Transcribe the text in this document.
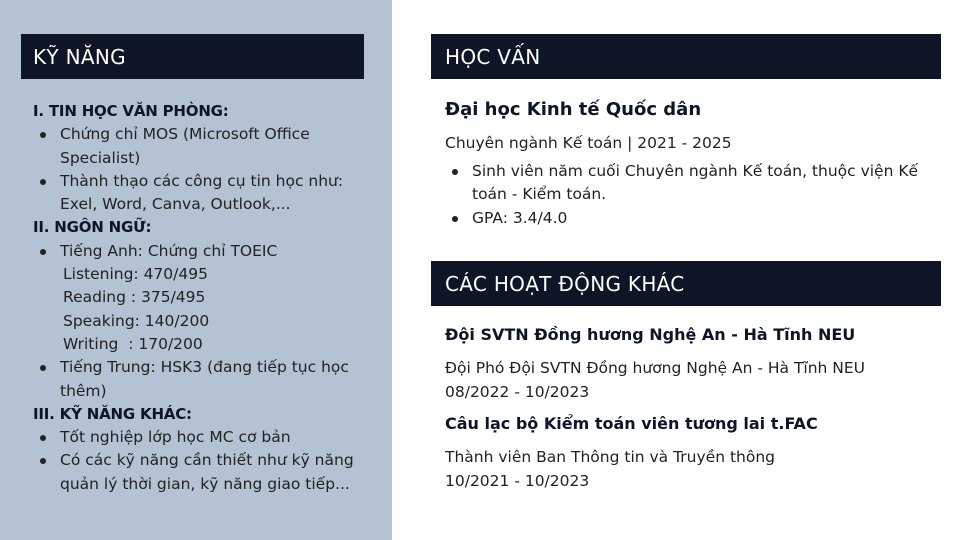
KỸ NĂNG
I. TIN HỌC VĂN PHÒNG:
Chứng chỉ MOS (Microsoft Office Specialist)
Thành thạo các công cụ tin học như: Exel, Word, Canva, Outlook,...
II. NGÔN NGỮ:
Tiếng Anh: Chứng chỉ TOEIC
Listening: 470/495
Reading : 375/495
Speaking: 140/200
Writing  : 170/200
Tiếng Trung: HSK3 (đang tiếp tục học thêm)
III. KỸ NĂNG KHÁC:
Tốt nghiệp lớp học MC cơ bản
Có các kỹ năng cần thiết như kỹ năng quản lý thời gian, kỹ năng giao tiếp...
HỌC VẤN
Đại học Kinh tế Quốc dân
Chuyên ngành Kế toán | 2021 - 2025
Sinh viên năm cuối Chuyên ngành Kế toán, thuộc viện Kế toán - Kiểm toán.
GPA: 3.4/4.0
CÁC HOẠT ĐỘNG KHÁC
Đội SVTN Đồng hương Nghệ An - Hà Tĩnh NEU
Đội Phó Đội SVTN Đồng hương Nghệ An - Hà Tĩnh NEU
08/2022 - 10/2023
Câu lạc bộ Kiểm toán viên tương lai t.FAC
Thành viên Ban Thông tin và Truyền thông
10/2021 - 10/2023
